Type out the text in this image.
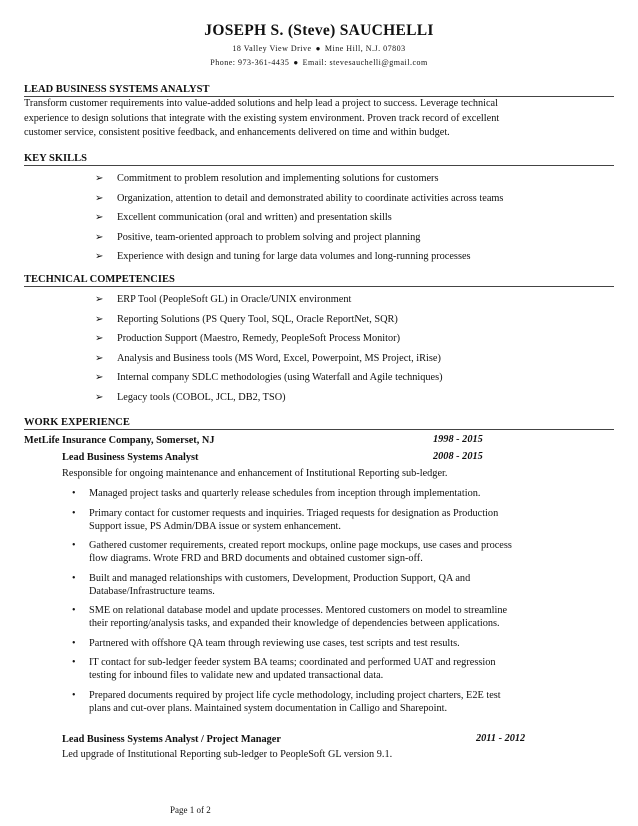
JOSEPH S. (Steve) SAUCHELLI
18 Valley View Drive ● Mine Hill, N.J. 07803
Phone: 973-361-4435 ● Email: stevesauchelli@gmail.com
LEAD BUSINESS SYSTEMS ANALYST
Transform customer requirements into value-added solutions and help lead a project to success. Leverage technical
experience to design solutions that integrate with the existing system environment. Proven track record of excellent
customer service, consistent positive feedback, and enhancements delivered on time and within budget.
KEY SKILLS
➢ Commitment to problem resolution and implementing solutions for customers
➢ Organization, attention to detail and demonstrated ability to coordinate activities across teams
➢ Excellent communication (oral and written) and presentation skills
➢ Positive, team-oriented approach to problem solving and project planning
➢ Experience with design and tuning for large data volumes and long-running processes
TECHNICAL COMPETENCIES
➢ ERP Tool (PeopleSoft GL) in Oracle/UNIX environment
➢ Reporting Solutions (PS Query Tool, SQL, Oracle ReportNet, SQR)
➢ Production Support (Maestro, Remedy, PeopleSoft Process Monitor)
➢ Analysis and Business tools (MS Word, Excel, Powerpoint, MS Project, iRise)
➢ Internal company SDLC methodologies (using Waterfall and Agile techniques)
➢ Legacy tools (COBOL, JCL, DB2, TSO)
WORK EXPERIENCE
MetLife Insurance Company, Somerset, NJ	1998 - 2015
Lead Business Systems Analyst	2008 - 2015
Responsible for ongoing maintenance and enhancement of Institutional Reporting sub-ledger.
• Managed project tasks and quarterly release schedules from inception through implementation.
• Primary contact for customer requests and inquiries. Triaged requests for designation as Production
Support issue, PS Admin/DBA issue or system enhancement.
• Gathered customer requirements, created report mockups, online page mockups, use cases and process
flow diagrams. Wrote FRD and BRD documents and obtained customer sign-off.
• Built and managed relationships with customers, Development, Production Support, QA and
Database/Infrastructure teams.
• SME on relational database model and update processes. Mentored customers on model to streamline
their reporting/analysis tasks, and expanded their knowledge of dependencies between applications.
• Partnered with offshore QA team through reviewing use cases, test scripts and test results.
• IT contact for sub-ledger feeder system BA teams; coordinated and performed UAT and regression
testing for inbound files to validate new and updated transactional data.
• Prepared documents required by project life cycle methodology, including project charters, E2E test
plans and cut-over plans. Maintained system documentation in Calligo and Sharepoint.
Lead Business Systems Analyst / Project Manager	2011 - 2012
Led upgrade of Institutional Reporting sub-ledger to PeopleSoft GL version 9.1.
Page 1 of 2
